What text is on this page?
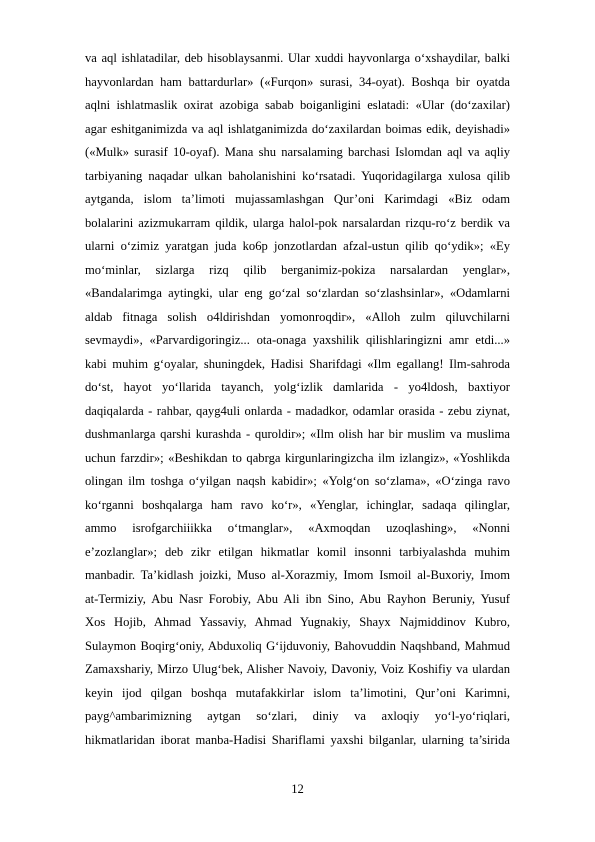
va aql ishlatadilar, deb hisoblaysanmi. Ular xuddi hayvonlarga o‘xshaydilar, balki
hayvonlardan ham battardurlar» («Furqon» surasi, 34-oyat). Boshqa bir oyatda
aqlni ishlatmaslik oxirat azobiga sabab boiganligini eslatadi: «Ular (do‘zaxilar)
agar eshitganimizda va aql ishlatganimizda do‘zaxilardan boimas edik, deyishadi»
(«Mulk» surasif 10-oyaf). Mana shu narsalaming barchasi Islomdan aql va aqliy
tarbiyaning naqadar ulkan baholanishini ko‘rsatadi. Yuqoridagilarga xulosa qilib
aytganda, islom ta’limoti mujassamlashgan Qur’oni Karimdagi «Biz odam
bolalarini azizmukarram qildik, ularga halol-pok narsalardan rizqu-ro‘z berdik va
ularni o‘zimiz yaratgan juda ko6p jonzotlardan afzal-ustun qilib qo‘ydik»; «Ey
mo‘minlar, sizlarga rizq qilib berganimiz-pokiza narsalardan yenglar»,
«Bandalarimga aytingki, ular eng go‘zal so‘zlardan so‘zlashsinlar», «Odamlarni
aldab fitnaga solish o4ldirishdan yomonroqdir», «Alloh zulm qiluvchilarni
sevmaydi», «Parvardigoringiz... ota-onaga yaxshilik qilishlaringizni amr etdi...»
kabi muhim g‘oyalar, shuningdek, Hadisi Sharifdagi «Ilm egallang! Ilm-sahroda
do‘st, hayot yo‘llarida tayanch, yolg‘izlik damlarida - yo4ldosh, baxtiyor
daqiqalarda - rahbar, qayg4uli onlarda - madadkor, odamlar orasida - zebu ziynat,
dushmanlarga qarshi kurashda - quroldir»; «Ilm olish har bir muslim va muslima
uchun farzdir»; «Beshikdan to qabrga kirgunlaringizcha ilm izlangiz», «Yoshlikda
olingan ilm toshga o‘yilgan naqsh kabidir»; «Yolg‘on so‘zlama», «O‘zinga ravo
ko‘rganni boshqalarga ham ravo ko‘r», «Yenglar, ichinglar, sadaqa qilinglar,
ammo isrofgarchiiikka o‘tmanglar», «Axmoqdan uzoqlashing», «Nonni
e’zozlanglar»; deb zikr etilgan hikmatlar komil insonni tarbiyalashda muhim
manbadir. Ta’kidlash joizki, Muso al-Xorazmiy, Imom Ismoil al-Buxoriy, Imom
at-Termiziy, Abu Nasr Forobiy, Abu Ali ibn Sino, Abu Rayhon Beruniy, Yusuf
Xos Hojib, Ahmad Yassaviy, Ahmad Yugnakiy, Shayx Najmiddinov Kubro,
Sulaymon Boqirg‘oniy, Abduxoliq G‘ijduvoniy, Bahovuddin Naqshband, Mahmud
Zamaxshariy, Mirzo Ulug‘bek, Alisher Navoiy, Davoniy, Voiz Koshifiy va ulardan
keyin ijod qilgan boshqa mutafakkirlar islom ta’limotini, Qur’oni Karimni,
payg^ambarimizning aytgan so‘zlari, diniy va axloqiy yo‘l-yo‘riqlari,
hikmatlaridan iborat manba-Hadisi Shariflami yaxshi bilganlar, ularning ta’sirida
12
